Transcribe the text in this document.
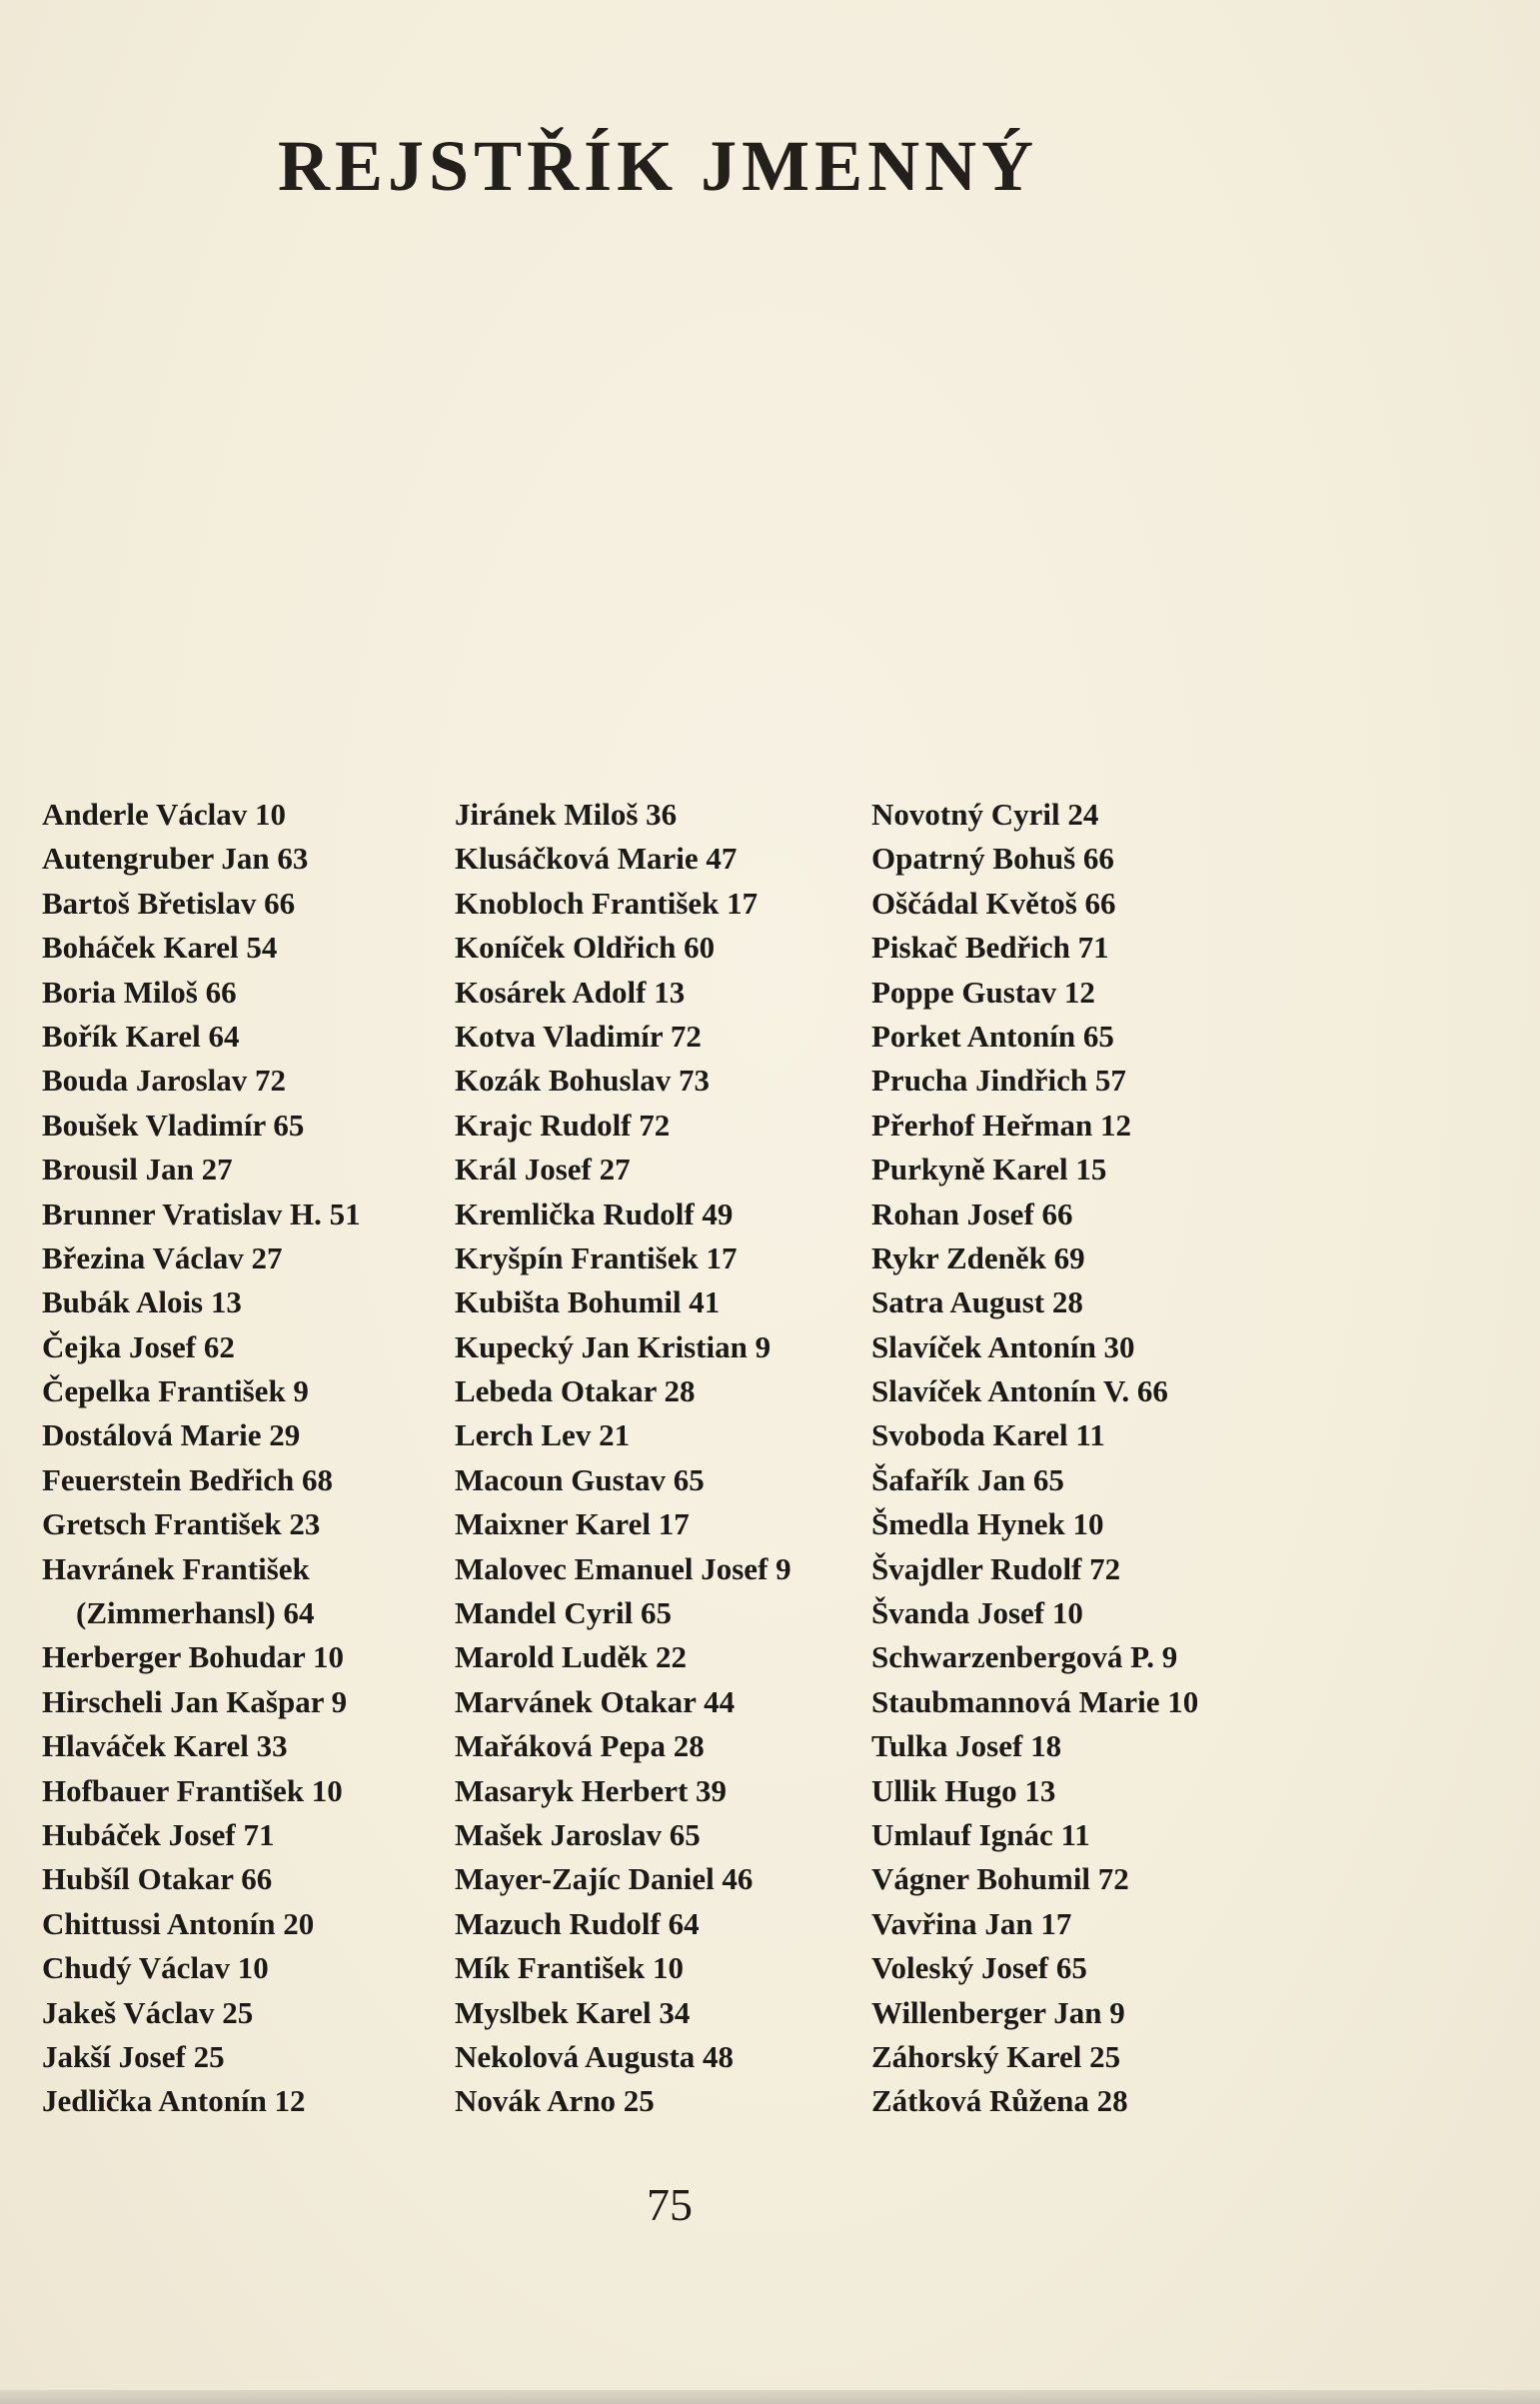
REJSTŘÍK JMENNÝ
Anderle Václav 10
Autengruber Jan 63
Bartoš Břetislav 66
Boháček Karel 54
Boria Miloš 66
Bořík Karel 64
Bouda Jaroslav 72
Boušek Vladimír 65
Brousil Jan 27
Brunner Vratislav H. 51
Březina Václav 27
Bubák Alois 13
Čejka Josef 62
Čepelka František 9
Dostálová Marie 29
Feuerstein Bedřich 68
Gretsch František 23
Havránek František
(Zimmerhansl) 64
Herberger Bohudar 10
Hirscheli Jan Kašpar 9
Hlaváček Karel 33
Hofbauer František 10
Hubáček Josef 71
Hubšíl Otakar 66
Chittussi Antonín 20
Chudý Václav 10
Jakeš Václav 25
Jakší Josef 25
Jedlička Antonín 12
Jiránek Miloš 36
Klusáčková Marie 47
Knobloch František 17
Koníček Oldřich 60
Kosárek Adolf 13
Kotva Vladimír 72
Kozák Bohuslav 73
Krajc Rudolf 72
Král Josef 27
Kremlička Rudolf 49
Kryšpín František 17
Kubišta Bohumil 41
Kupecký Jan Kristian 9
Lebeda Otakar 28
Lerch Lev 21
Macoun Gustav 65
Maixner Karel 17
Malovec Emanuel Josef 9
Mandel Cyril 65
Marold Luděk 22
Marvánek Otakar 44
Mařáková Pepa 28
Masaryk Herbert 39
Mašek Jaroslav 65
Mayer-Zajíc Daniel 46
Mazuch Rudolf 64
Mík František 10
Myslbek Karel 34
Nekolová Augusta 48
Novák Arno 25
Novotný Cyril 24
Opatrný Bohuš 66
Oščádal Květoš 66
Piskač Bedřich 71
Poppe Gustav 12
Porket Antonín 65
Prucha Jindřich 57
Přerhof Heřman 12
Purkyně Karel 15
Rohan Josef 66
Rykr Zdeněk 69
Satra August 28
Slavíček Antonín 30
Slavíček Antonín V. 66
Svoboda Karel 11
Šafařík Jan 65
Šmedla Hynek 10
Švajdler Rudolf 72
Švanda Josef 10
Schwarzenbergová P. 9
Staubmannová Marie 10
Tulka Josef 18
Ullik Hugo 13
Umlauf Ignác 11
Vágner Bohumil 72
Vavřina Jan 17
Voleský Josef 65
Willenberger Jan 9
Záhorský Karel 25
Zátková Růžena 28
75
